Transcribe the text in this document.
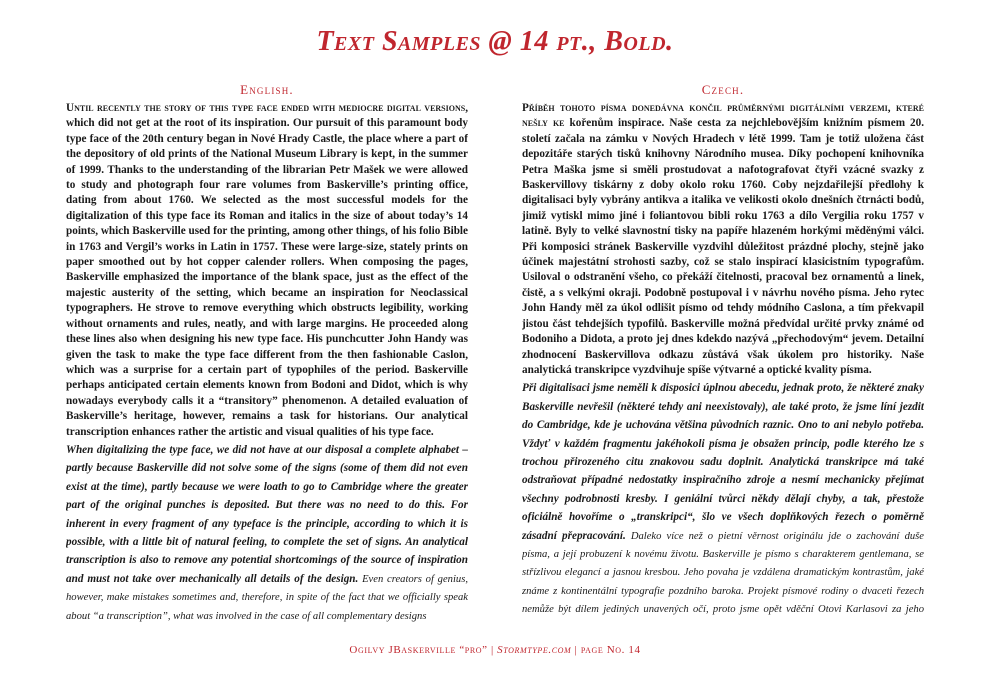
Text Samples @ 14 pt., Bold.
English.

Until recently the story of this type face ended with mediocre digital versions, which did not get at the root of its inspiration. Our pursuit of this paramount body type face of the 20th century began in Nové Hrady Castle, the place where a part of the depository of old prints of the National Museum Library is kept, in the summer of 1999. Thanks to the understanding of the librarian Petr Mašek we were allowed to study and photograph four rare volumes from Baskerville’s printing office, dating from about 1760. We selected as the most successful models for the digitalization of this type face its Roman and italics in the size of about today’s 14 points, which Baskerville used for the printing, among other things, of his folio Bible in 1763 and Vergil’s works in Latin in 1757. These were large-size, stately prints on paper smoothed out by hot copper calender rollers. When composing the pages, Baskerville emphasized the importance of the blank space, just as the effect of the majestic austerity of the setting, which became an inspiration for Neoclassical typographers. He strove to remove everything which obstructs legibility, working without ornaments and rules, neatly, and with large margins. He proceeded along these lines also when designing his new type face. His punchcutter John Handy was given the task to make the type face different from the then fashionable Caslon, which was a surprise for a certain part of typophiles of the period. Baskerville perhaps anticipated certain elements known from Bodoni and Didot, which is why nowadays everybody calls it a “transitory” phenomenon. A detailed evaluation of Baskerville’s heritage, however, remains a task for historians. Our analytical transcription enhances rather the artistic and visual qualities of his type face.

When digitalizing the type face, we did not have at our disposal a complete alphabet – partly because Baskerville did not solve some of the signs (some of them did not even exist at the time), partly because we were loath to go to Cambridge where the greater part of the original punches is deposited. But there was no need to do this. For inherent in every fragment of any typeface is the principle, according to which it is possible, with a little bit of natural feeling, to complete the set of signs. An analytical transcription is also to remove any potential shortcomings of the source of inspiration and must not take over mechanically all details of the design. Even creators of genius, however, make mistakes sometimes and, therefore, in spite of the fact that we officially speak about “a transcription”, what was involved in the case of all complementary designs

Czech.

Příběh tohoto písma donedávna končil průměrnými digitálními verzemi, které nešly ke kořenům inspirace. Naše cesta za nejchlebovějším knižním písmem 20. století začala na zámku v Nových Hradech v létě 1999. Tam je totiž uložena část depozitáře starých tisků knihovny Národního musea. Díky pochopení knihovníka Petra Maška jsme si směli prostudovat a nafotografovat čtyři vzácné svazky z Baskervillovy tiskárny z doby okolo roku 1760. Coby nejzdařilejší předlohy k digitalisaci byly vybrány antikva a italika ve velikosti okolo dnešních čtrnácti bodů, jimiž vytiskl mimo jiné i foliantovou bibli roku 1763 a dílo Vergilia roku 1757 v latině. Byly to velké slavnostní tisky na papíře hlazeném horkými měděnými válci. Při komposici stránek Baskerville vyzdvihl důležitost prázdné plochy, stejně jako účinek majestátní strohosti sazby, což se stalo inspirací klasicistním typografům. Usiloval o odstranění všeho, co překáží čitelnosti, pracoval bez ornamentů a linek, čistě, a s velkými okraji. Podobně postupoval i v návrhu nového písma. Jeho rytec John Handy měl za úkol odlišit písmo od tehdy módního Caslona, a tím překvapil jistou část tehdejších typofilů. Baskerville možná předvídal určité prvky známé od Bodoniho a Didota, a proto jej dnes kdekdo nazývá „přechodovým“ jevem. Detailní zhodnocení Baskervillova odkazu zůstává však úkolem pro historiky. Naše analytická transkripce vyzdvihuje spíše výtvarné a optické kvality písma.

Při digitalisaci jsme neměli k disposici úplnou abecedu, jednak proto, že některé znaky Baskerville nevřešil (některé tehdy ani neexistovaly), ale také proto, že jsme líní jezdit do Cambridge, kde je uchována většina původních raznic. Ono to ani nebylo potřeba. Vždyť v každém fragmentu jakéhokoli písma je obsažen princip, podle kterého lze s trochou přirozeného citu znakovou sadu doplnit. Analytická transkripce má také odstraňovat případné nedostatky inspiračního zdroje a nesmí mechanicky přejímat všechny podrobnosti kresby. I geniální tvůrci někdy dělají chyby, a tak, přestože oficiálně hovoříme o „transkripci“, šlo ve všech doplňkových řezech o poměrně zásadní přepracování. Daleko více než o pietní věrnost originálu jde o zachování duše písma, a její probuzení k novému životu. Baskerville je písmo s charakterem gentlemana, se střízlivou elegancí a jasnou kresbou. Jeho povaha je vzdálena dramatickým kontrastům, jaké známe z kontinentální typografie pozdního baroka. Projekt písmové rodiny o dvaceti řezech nemůže být dílem jediných unavených očí, proto jsme opět vděční Otovi Karlasovi za jeho

Ogilvy JBaskerville “pro” | Stormtype.com | page No. 14
